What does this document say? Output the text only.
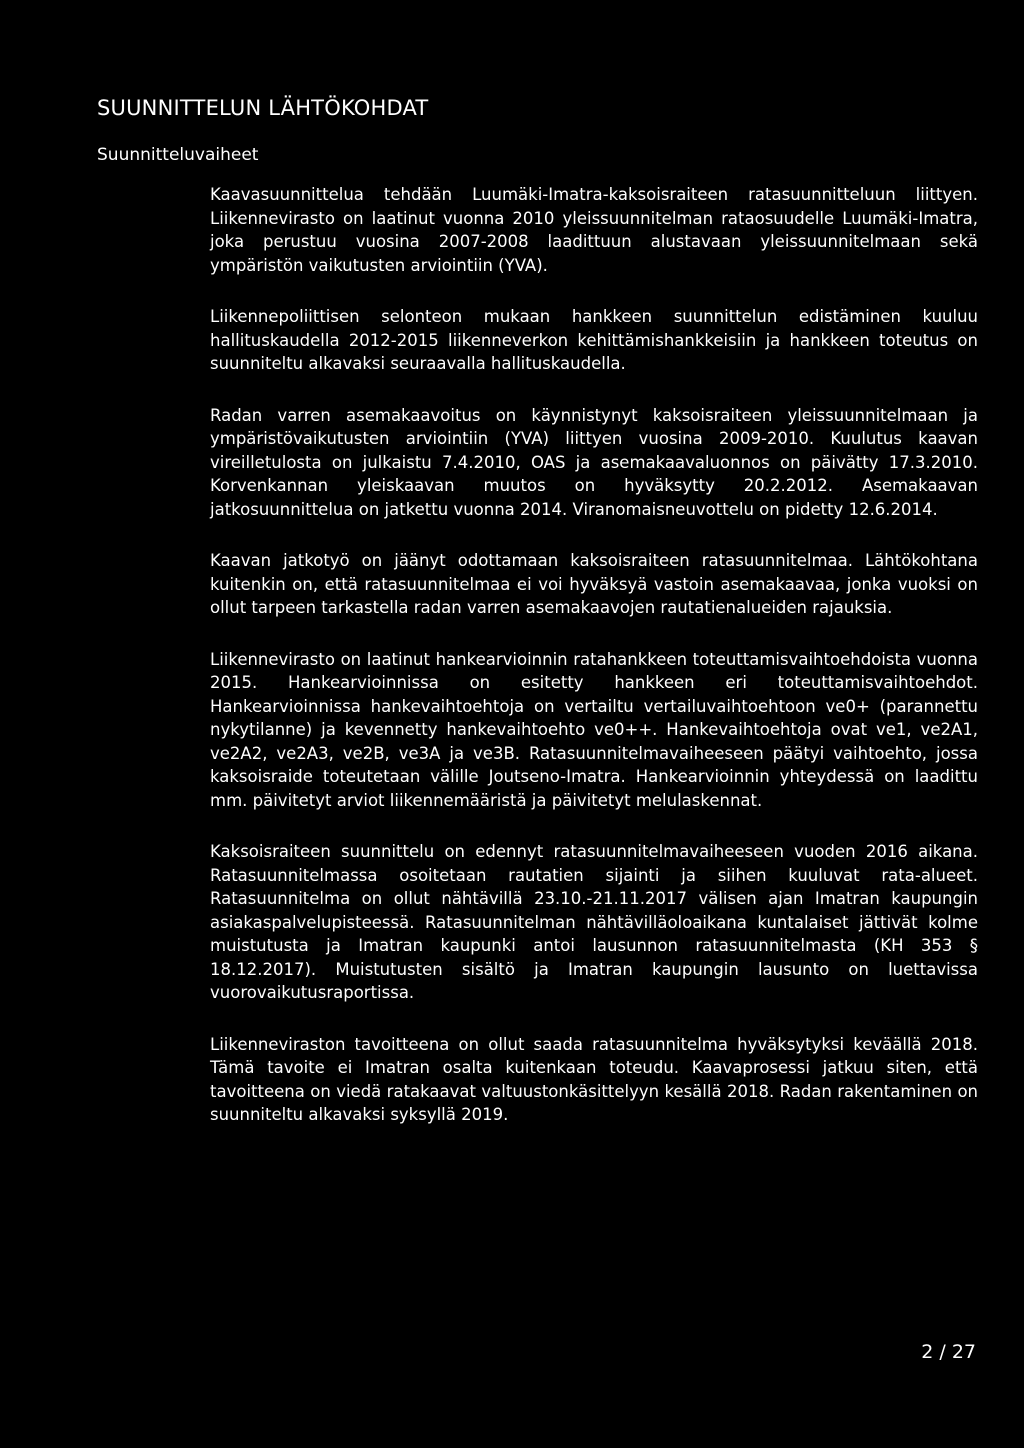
SUUNNITTELUN LÄHTÖKOHDAT
Suunnitteluvaiheet

Kaavasuunnittelua tehdään Luumäki-Imatra-kaksoisraiteen ratasuunnitteluun liittyen. Liikennevirasto on laatinut vuonna 2010 yleissuunnitelman rataosuudelle Luumäki-Imatra, joka perustuu vuosina 2007-2008 laadittuun alustavaan yleissuunnitelmaan sekä ympäristön vaikutusten arviointiin (YVA).

Liikennepoliittisen selonteon mukaan hankkeen suunnittelun edistäminen kuuluu hallituskaudella 2012-2015 liikenneverkon kehittämishankkeisiin ja hankkeen toteutus on suunniteltu alkavaksi seuraavalla hallituskaudella.

Radan varren asemakaavoitus on käynnistynyt kaksoisraiteen yleissuunnitelmaan ja ympäristövaikutusten arviointiin (YVA) liittyen vuosina 2009-2010. Kuulutus kaavan vireilletulosta on julkaistu 7.4.2010, OAS ja asemakaavaluonnos on päivätty 17.3.2010. Korvenkannan yleiskaavan muutos on hyväksytty 20.2.2012. Asemakaavan jatkosuunnittelua on jatkettu vuonna 2014. Viranomaisneuvottelu on pidetty 12.6.2014.

Kaavan jatkotyö on jäänyt odottamaan kaksoisraiteen ratasuunnitelmaa. Lähtökohtana kuitenkin on, että ratasuunnitelmaa ei voi hyväksyä vastoin asemakaavaa, jonka vuoksi on ollut tarpeen tarkastella radan varren asemakaavojen rautatienalueiden rajauksia.

Liikennevirasto on laatinut hankearvioinnin ratahankkeen toteuttamisvaihtoehdoista vuonna 2015. Hankearvioinnissa on esitetty hankkeen eri toteuttamisvaihtoehdot. Hankearvioinnissa hankevaihtoehtoja on vertailtu vertailuvaihtoehtoon ve0+ (parannettu nykytilanne) ja kevennetty hankevaihtoehto ve0++. Hankevaihtoehtoja ovat ve1, ve2A1, ve2A2, ve2A3, ve2B, ve3A ja ve3B. Ratasuunnitelmavaiheeseen päätyi vaihtoehto, jossa kaksoisraide toteutetaan välille Joutseno-Imatra. Hankearvioinnin yhteydessä on laadittu mm. päivitetyt arviot liikennemääristä ja päivitetyt melulaskennat.

Kaksoisraiteen suunnittelu on edennyt ratasuunnitelmavaiheeseen vuoden 2016 aikana. Ratasuunnitelmassa osoitetaan rautatien sijainti ja siihen kuuluvat rata-alueet. Ratasuunnitelma on ollut nähtävillä 23.10.-21.11.2017 välisen ajan Imatran kaupungin asiakaspalvelupisteessä. Ratasuunnitelman nähtävilläoloaikana kuntalaiset jättivät kolme muistutusta ja Imatran kaupunki antoi lausunnon ratasuunnitelmasta (KH 353 § 18.12.2017). Muistutusten sisältö ja Imatran kaupungin lausunto on luettavissa vuorovaikutusraportissa.

Liikenneviraston tavoitteena on ollut saada ratasuunnitelma hyväksytyksi keväällä 2018. Tämä tavoite ei Imatran osalta kuitenkaan toteudu. Kaavaprosessi jatkuu siten, että tavoitteena on viedä ratakaavat valtuustonkäsittelyyn kesällä 2018. Radan rakentaminen on suunniteltu alkavaksi syksyllä 2019.

2 / 27
